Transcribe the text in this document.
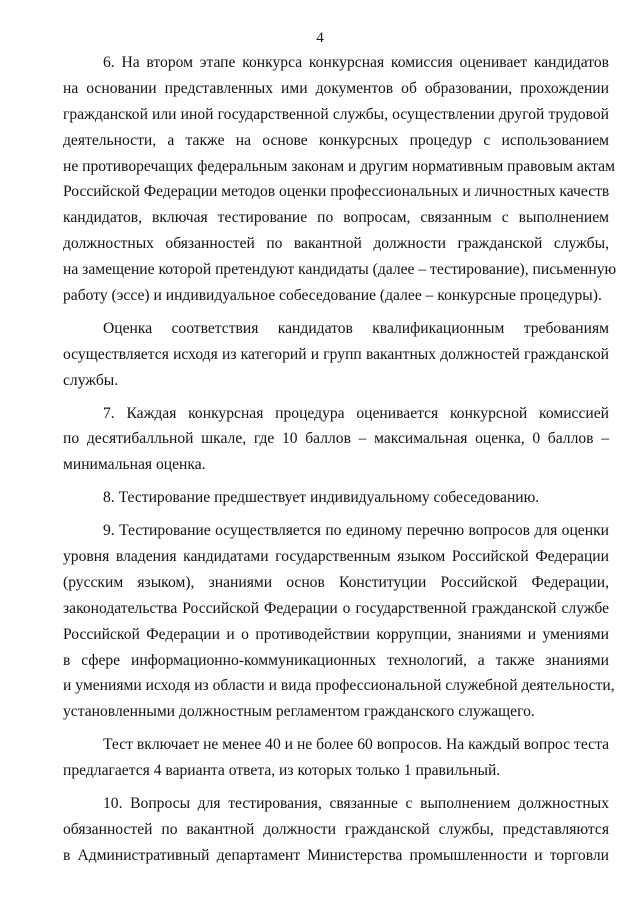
4
6. На втором этапе конкурса конкурсная комиссия оценивает кандидатов
на основании представленных ими документов об образовании, прохождении
гражданской или иной государственной службы, осуществлении другой трудовой
деятельности, а также на основе конкурсных процедур с использованием
не противоречащих федеральным законам и другим нормативным правовым актам
Российской Федерации методов оценки профессиональных и личностных качеств
кандидатов, включая тестирование по вопросам, связанным с выполнением
должностных обязанностей по вакантной должности гражданской службы,
на замещение которой претендуют кандидаты (далее – тестирование), письменную
работу (эссе) и индивидуальное собеседование (далее – конкурсные процедуры).
Оценка соответствия кандидатов квалификационным требованиям
осуществляется исходя из категорий и групп вакантных должностей гражданской
службы.
7. Каждая конкурсная процедура оценивается конкурсной комиссией
по десятибалльной шкале, где 10 баллов – максимальная оценка, 0 баллов –
минимальная оценка.
8. Тестирование предшествует индивидуальному собеседованию.
9. Тестирование осуществляется по единому перечню вопросов для оценки
уровня владения кандидатами государственным языком Российской Федерации
(русским языком), знаниями основ Конституции Российской Федерации,
законодательства Российской Федерации о государственной гражданской службе
Российской Федерации и о противодействии коррупции, знаниями и умениями
в сфере информационно-коммуникационных технологий, а также знаниями
и умениями исходя из области и вида профессиональной служебной деятельности,
установленными должностным регламентом гражданского служащего.
Тест включает не менее 40 и не более 60 вопросов. На каждый вопрос теста
предлагается 4 варианта ответа, из которых только 1 правильный.
10. Вопросы для тестирования, связанные с выполнением должностных
обязанностей по вакантной должности гражданской службы, представляются
в Административный департамент Министерства промышленности и торговли
